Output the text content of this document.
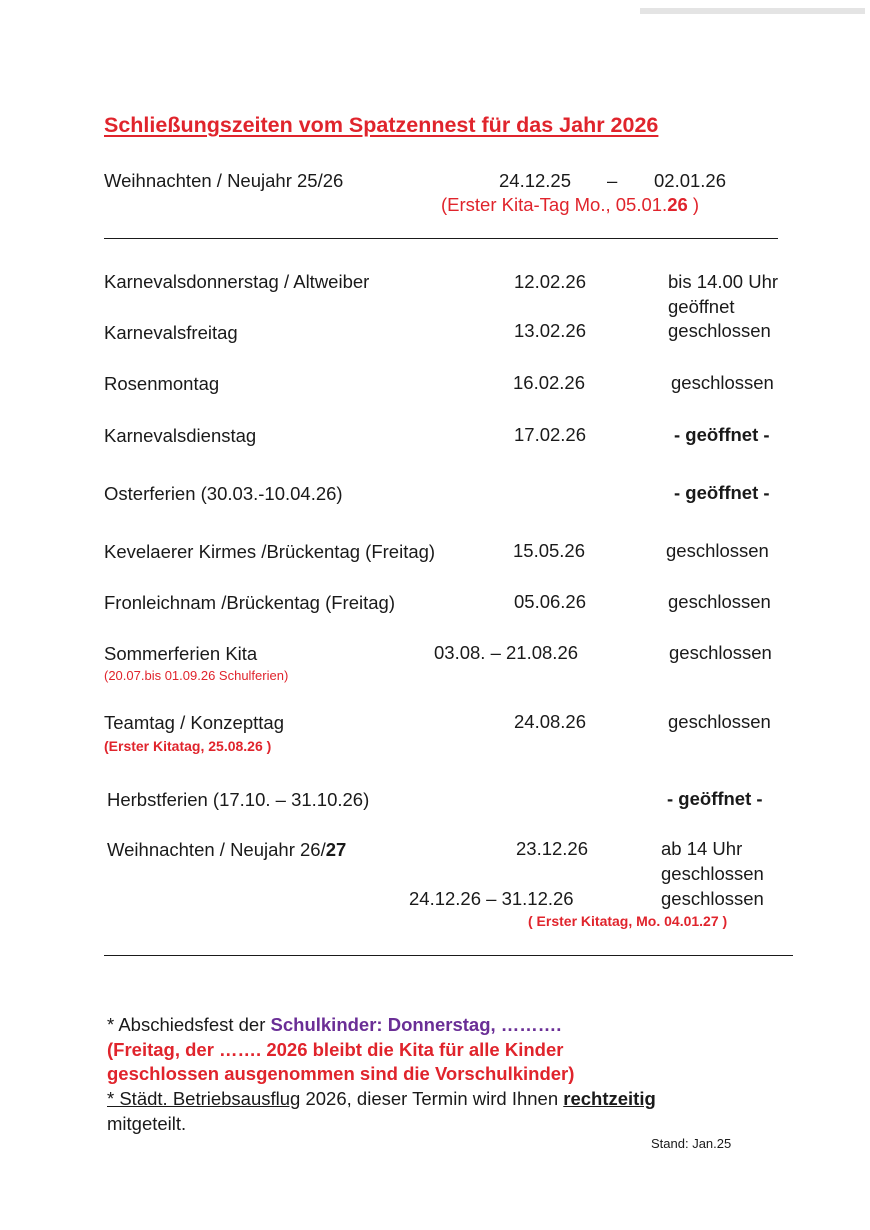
Schließungszeiten vom Spatzennest für das Jahr 2026
Weihnachten / Neujahr 25/26	24.12.25 – 02.01.26
(Erster Kita-Tag Mo., 05.01.26 )
Karnevalsdonnerstag / Altweiber	12.02.26	bis 14.00 Uhr
geöffnet
Karnevalsfreitag	13.02.26	geschlossen
Rosenmontag	16.02.26	geschlossen
Karnevalsdienstag	17.02.26	- geöffnet -
Osterferien (30.03.-10.04.26)	- geöffnet -
Kevelaerer Kirmes /Brückentag (Freitag)	15.05.26	geschlossen
Fronleichnam /Brückentag (Freitag)	05.06.26	geschlossen
Sommerferien Kita	03.08. – 21.08.26	geschlossen
(20.07.bis 01.09.26 Schulferien)
Teamtag / Konzepttag	24.08.26	geschlossen
(Erster Kitatag, 25.08.26 )
Herbstferien (17.10. – 31.10.26)	- geöffnet -
Weihnachten / Neujahr 26/27	23.12.26	ab 14 Uhr
geschlossen
24.12.26 – 31.12.26	geschlossen
( Erster Kitatag, Mo. 04.01.27 )
* Abschiedsfest der Schulkinder: Donnerstag, ……….
(Freitag, der ……. 2026 bleibt die Kita für alle Kinder
geschlossen ausgenommen sind die Vorschulkinder)
* Städt. Betriebsausflug 2026, dieser Termin wird Ihnen rechtzeitig
mitgeteilt.
Stand: Jan.25
